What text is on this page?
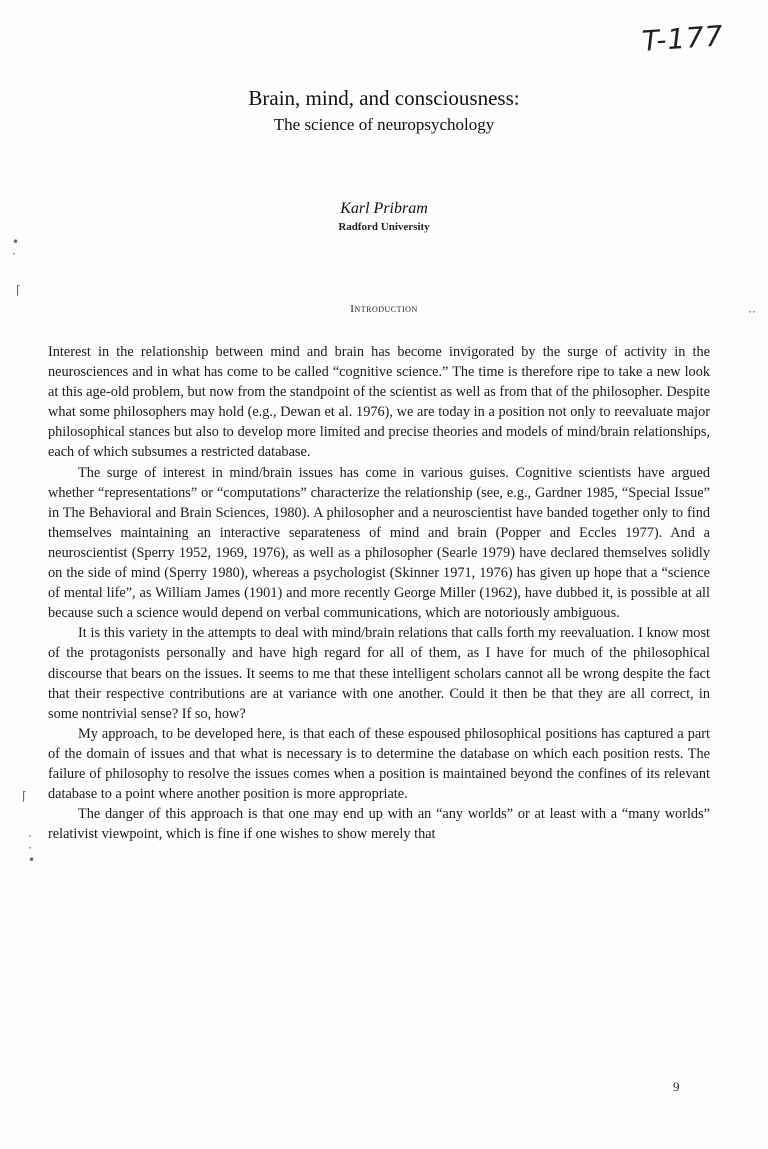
T-177
Brain, mind, and consciousness:
The science of neuropsychology
Karl Pribram
Radford University
Introduction

Interest in the relationship between mind and brain has become invigorated by the surge of activity in the neurosciences and in what has come to be called “cognitive science.” The time is therefore ripe to take a new look at this age-old problem, but now from the standpoint of the scientist as well as from that of the philosopher. Despite what some philosophers may hold (e.g., Dewan et al. 1976), we are today in a position not only to reevaluate major philosophical stances but also to develop more limited and precise theories and models of mind/brain relationships, each of which subsumes a restricted database.

The surge of interest in mind/brain issues has come in various guises. Cognitive scientists have argued whether “representations” or “computations” characterize the relationship (see, e.g., Gardner 1985, “Special Issue” in The Behavioral and Brain Sciences, 1980). A philosopher and a neuroscientist have banded together only to find themselves maintaining an interactive separateness of mind and brain (Popper and Eccles 1977). And a neuroscientist (Sperry 1952, 1969, 1976), as well as a philosopher (Searle 1979) have declared themselves solidly on the side of mind (Sperry 1980), whereas a psychologist (Skinner 1971, 1976) has given up hope that a “science of mental life”, as William James (1901) and more recently George Miller (1962), have dubbed it, is possible at all because such a science would depend on verbal communications, which are notoriously ambiguous.

It is this variety in the attempts to deal with mind/brain relations that calls forth my reevaluation. I know most of the protagonists personally and have high regard for all of them, as I have for much of the philosophical discourse that bears on the issues. It seems to me that these intelligent scholars cannot all be wrong despite the fact that their respective contributions are at variance with one another. Could it then be that they are all correct, in some nontrivial sense? If so, how?

My approach, to be developed here, is that each of these espoused philosophical positions has captured a part of the domain of issues and that what is necessary is to determine the database on which each position rests. The failure of philosophy to resolve the issues comes when a position is maintained beyond the confines of its relevant database to a point where another position is more appropriate.

The danger of this approach is that one may end up with an “any worlds” or at least with a “many worlds” relativist viewpoint, which is fine if one wishes to show merely that

9
•
⋅
⌈
⋅⋅
⌈
⋅
⋅
•
